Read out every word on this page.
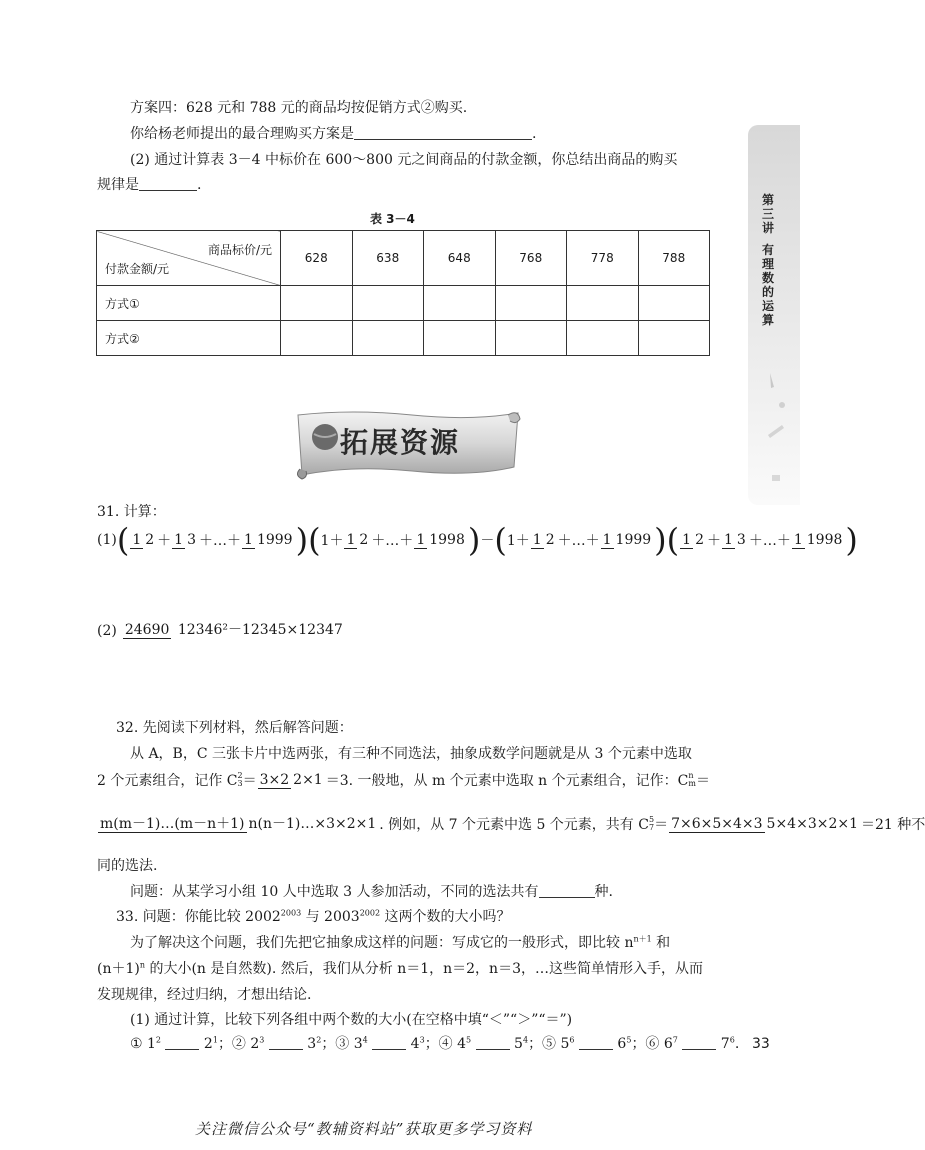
第
三
讲
有
理
数
的
运
算
方案四：628 元和 788 元的商品均按促销方式②购买.
你给杨老师提出的最合理购买方案是	.
(2) 通过计算表 3－4 中标价在 600～800 元之间商品的付款金额，你总结出商品的购买
规律是	.
表 3－4
商品标价/元
付款金额/元	628	638	648	768	778	788
方式①						
方式②						
拓展资源
31. 计算：
(1) ( 1 2 ＋ 1 3 ＋…＋ 1 1999 )( 1＋ 1 2 ＋…＋ 1 1998 ) － ( 1＋ 1 2 ＋…＋ 1 1999 )( 1 2 ＋ 1 3 ＋…＋ 1 1998 )
(2) 24690 12346²－12345×12347
32. 先阅读下列材料，然后解答问题：
从 A，B，C 三张卡片中选两张，有三种不同选法，抽象成数学问题就是从 3 个元素中选取
2 个元素组合，记作 C 2
3 ＝ 3×2 2×1 ＝3. 一般地，从 m 个元素中选取 n 个元素组合，记作：C n
m ＝
m(m－1)…(m－n＋1) n(n－1)…×3×2×1 . 例如，从 7 个元素中选 5 个元素，共有 C 5
7 ＝ 7×6×5×4×3 5×4×3×2×1 ＝21 种不
同的选法.
问题：从某学习小组 10 人中选取 3 人参加活动，不同的选法共有	种.
33. 问题：你能比较 $2002^{2003}$ 与 $2003^{2002}$ 这两个数的大小吗？
为了解决这个问题，我们先把它抽象成这样的问题：写成它的一般形式，即比较 $n^{n+1}$ 和
$(n+1)^n$ 的大小(n 是自然数). 然后，我们从分析 n＝1，n＝2，n＝3，…这些简单情形入手，从而
发现规律，经过归纳，才想出结论.
(1) 通过计算，比较下列各组中两个数的大小(在空格中填“＜”“＞”“＝”)
① $1^2$	$2^1$；② $2^3$	$3^2$；③ $3^4$	$4^3$；④ $4^5$	$5^4$；⑤ $5^6$	$6^5$；⑥ $6^7$	$7^6$. 33
关注微信公众号“教辅资料站”获取更多学习资料
